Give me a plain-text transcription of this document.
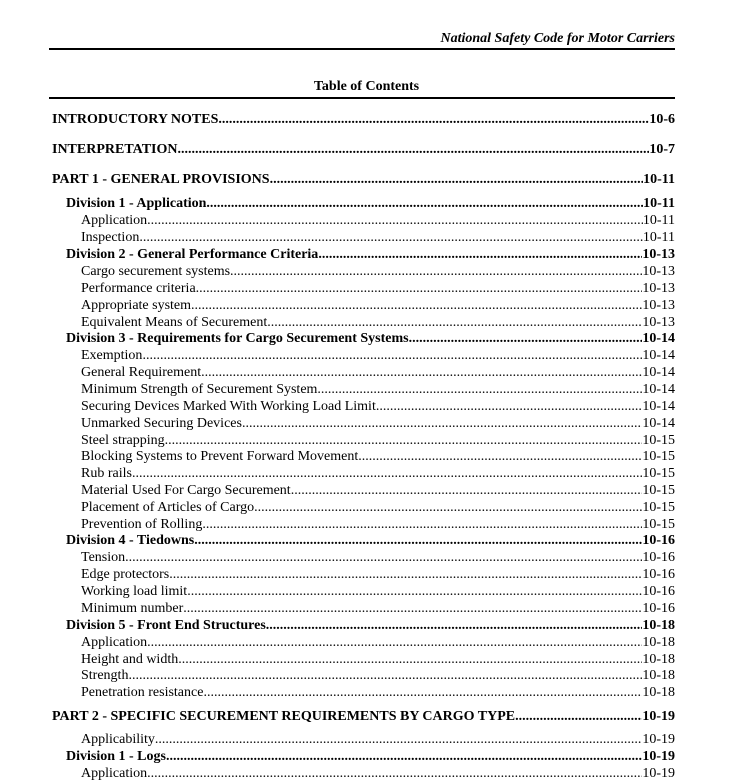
National Safety Code for Motor Carriers
Table of Contents
INTRODUCTORY NOTES .....	10-6
INTERPRETATION .....	10-7
PART 1 - GENERAL PROVISIONS .....	10-11
Division 1 - Application .....	10-11
Application .....	10-11
Inspection .....	10-11
Division 2 - General Performance Criteria .....	10-13
Cargo securement systems .....	10-13
Performance criteria .....	10-13
Appropriate system .....	10-13
Equivalent Means of Securement .....	10-13
Division 3 - Requirements for Cargo Securement Systems .....	10-14
Exemption .....	10-14
General Requirement .....	10-14
Minimum Strength of Securement System .....	10-14
Securing Devices Marked With Working Load Limit .....	10-14
Unmarked Securing Devices .....	10-14
Steel strapping .....	10-15
Blocking Systems to Prevent Forward Movement .....	10-15
Rub rails .....	10-15
Material Used For Cargo Securement .....	10-15
Placement of Articles of Cargo .....	10-15
Prevention of Rolling .....	10-15
Division 4 - Tiedowns .....	10-16
Tension .....	10-16
Edge protectors .....	10-16
Working load limit .....	10-16
Minimum number .....	10-16
Division 5 - Front End Structures .....	10-18
Application .....	10-18
Height and width .....	10-18
Strength .....	10-18
Penetration resistance .....	10-18
PART 2 - SPECIFIC SECUREMENT REQUIREMENTS BY CARGO TYPE .....	10-19
Applicability .....	10-19
Division 1 - Logs .....	10-19
Application .....	10-19
